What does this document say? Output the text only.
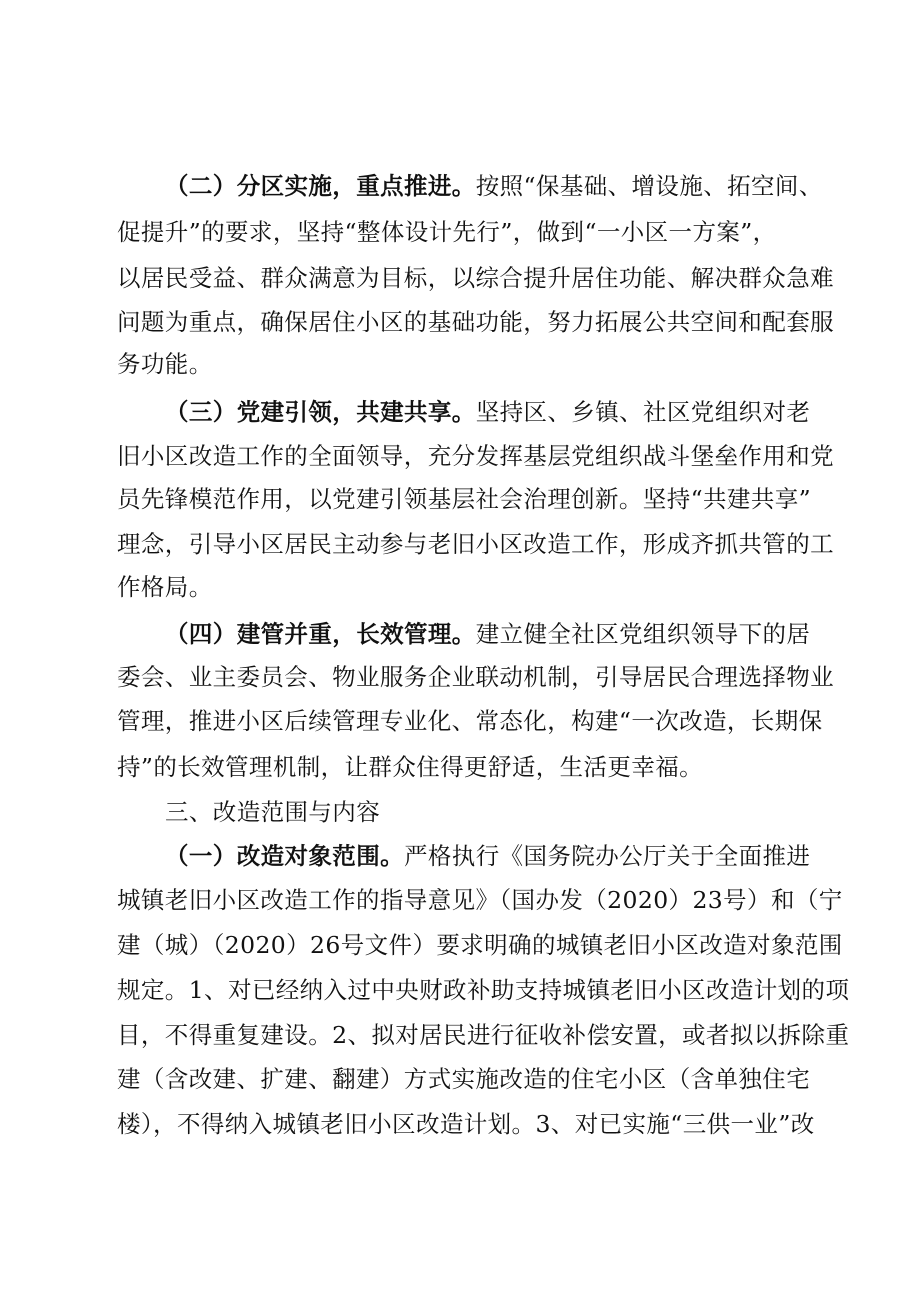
（二）分区实施，重点推进。按照“保基础、增设施、拓空间、
促提升”的要求，坚持“整体设计先行”，做到“一小区一方案”，
以居民受益、群众满意为目标，以综合提升居住功能、解决群众急难
问题为重点，确保居住小区的基础功能，努力拓展公共空间和配套服
务功能。
（三）党建引领，共建共享。坚持区、乡镇、社区党组织对老
旧小区改造工作的全面领导，充分发挥基层党组织战斗堡垒作用和党
员先锋模范作用，以党建引领基层社会治理创新。坚持“共建共享”
理念，引导小区居民主动参与老旧小区改造工作，形成齐抓共管的工
作格局。
（四）建管并重，长效管理。建立健全社区党组织领导下的居
委会、业主委员会、物业服务企业联动机制，引导居民合理选择物业
管理，推进小区后续管理专业化、常态化，构建“一次改造，长期保
持”的长效管理机制，让群众住得更舒适，生活更幸福。
三、改造范围与内容
（一）改造对象范围。严格执行《国务院办公厅关于全面推进
城镇老旧小区改造工作的指导意见》（国办发（2020）23号）和（宁
建（城）（2020）26号文件）要求明确的城镇老旧小区改造对象范围
规定。1、对已经纳入过中央财政补助支持城镇老旧小区改造计划的项
目，不得重复建设。2、拟对居民进行征收补偿安置，或者拟以拆除重
建（含改建、扩建、翻建）方式实施改造的住宅小区（含单独住宅
楼），不得纳入城镇老旧小区改造计划。3、对已实施“三供一业”改
